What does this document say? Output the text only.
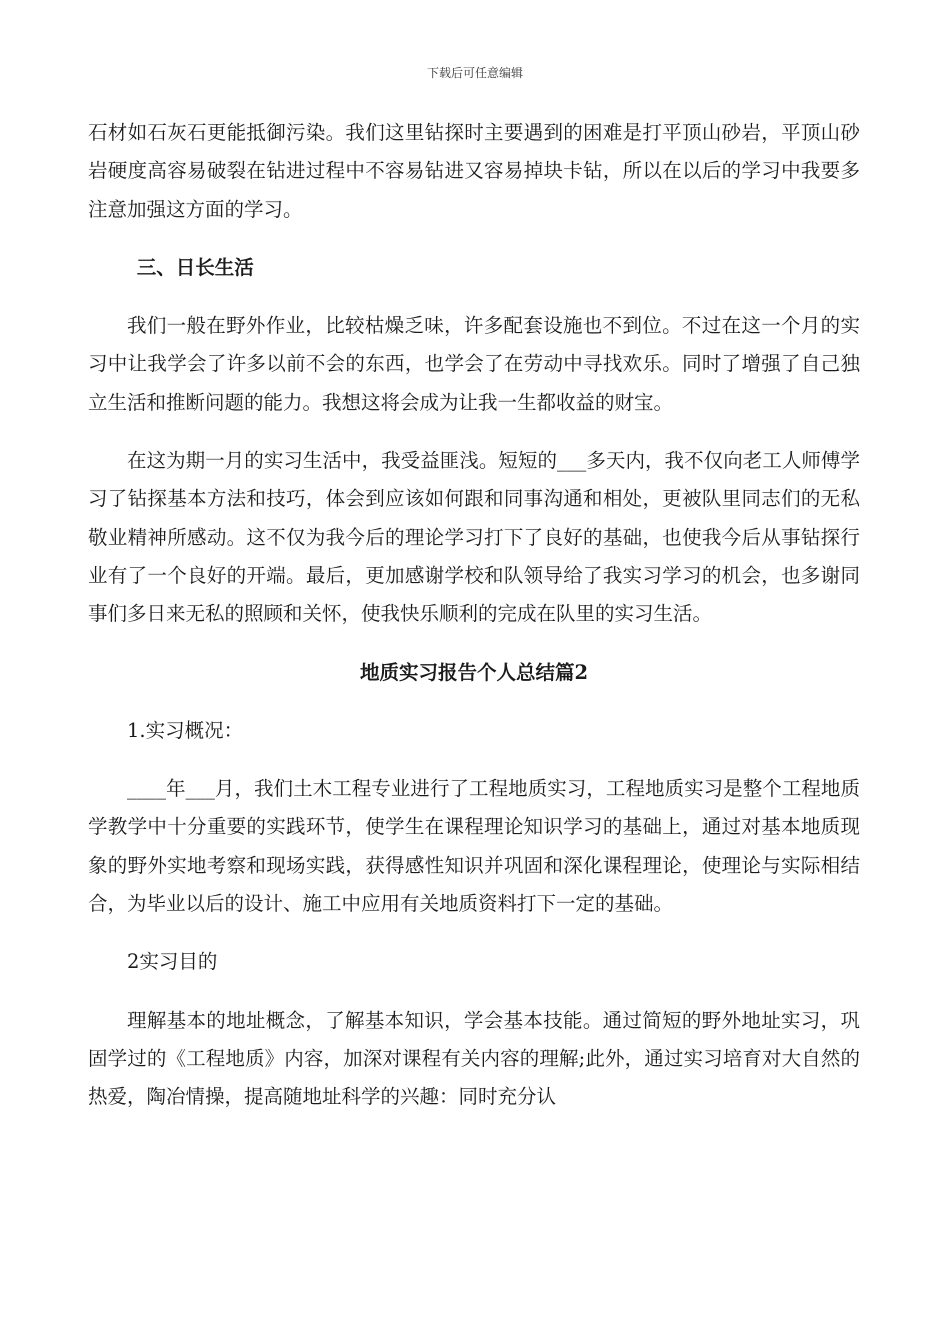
下载后可任意编辑

石材如石灰石更能抵御污染。我们这里钻探时主要遇到的困难是打平顶山砂岩，平顶山砂岩硬度高容易破裂在钻进过程中不容易钻进又容易掉块卡钻，所以在以后的学习中我要多注意加强这方面的学习。

三、日长生活

我们一般在野外作业，比较枯燥乏味，许多配套设施也不到位。不过在这一个月的实习中让我学会了许多以前不会的东西，也学会了在劳动中寻找欢乐。同时了增强了自己独立生活和推断问题的能力。我想这将会成为让我一生都收益的财宝。

在这为期一月的实习生活中，我受益匪浅。短短的___多天内，我不仅向老工人师傅学习了钻探基本方法和技巧，体会到应该如何跟和同事沟通和相处，更被队里同志们的无私敬业精神所感动。这不仅为我今后的理论学习打下了良好的基础，也使我今后从事钻探行业有了一个良好的开端。最后，更加感谢学校和队领导给了我实习学习的机会，也多谢同事们多日来无私的照顾和关怀，使我快乐顺利的完成在队里的实习生活。

地质实习报告个人总结篇2

1.实习概况：

____年___月，我们土木工程专业进行了工程地质实习，工程地质实习是整个工程地质学教学中十分重要的实践环节，使学生在课程理论知识学习的基础上，通过对基本地质现象的野外实地考察和现场实践，获得感性知识并巩固和深化课程理论，使理论与实际相结合，为毕业以后的设计、施工中应用有关地质资料打下一定的基础。

2实习目的

理解基本的地址概念，了解基本知识，学会基本技能。通过简短的野外地址实习，巩固学过的《工程地质》内容，加深对课程有关内容的理解;此外，通过实习培育对大自然的热爱，陶冶情操，提高随地址科学的兴趣：同时充分认
